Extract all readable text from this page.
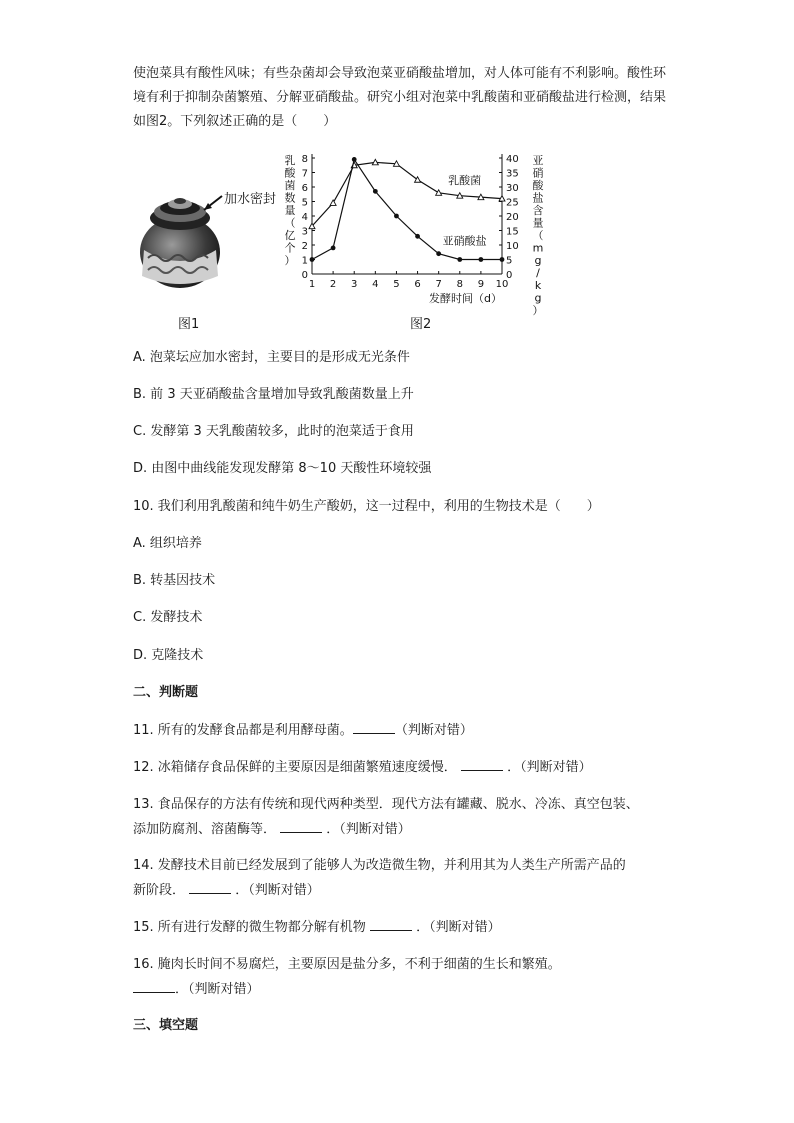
使泡菜具有酸性风味；有些杂菌却会导致泡菜亚硝酸盐增加，对人体可能有不利影响。酸性环境有利于抑制杂菌繁殖、分解亚硝酸盐。研究小组对泡菜中乳酸菌和亚硝酸盐进行检测，结果如图2。下列叙述正确的是（　　）
加水密封
图1
0
1
2
3
4
5
6
7
8
0
5
10
15
20
25
30
35
40
1 2 3 4 5 6 7 8 9 10
乳酸菌
亚硝酸盐
乳酸菌数量（亿个）
亚硝酸盐含量（ m g / k g ）
发酵时间（d）
图2
A. 泡菜坛应加水密封，主要目的是形成无光条件
B. 前 3 天亚硝酸盐含量增加导致乳酸菌数量上升
C. 发酵第 3 天乳酸菌较多，此时的泡菜适于食用
D. 由图中曲线能发现发酵第 8～10 天酸性环境较强
10. 我们利用乳酸菌和纯牛奶生产酸奶，这一过程中，利用的生物技术是（　　）
A. 组织培养
B. 转基因技术
C. 发酵技术
D. 克隆技术
二、判断题
11. 所有的发酵食品都是利用酵母菌。	（判断对错）
12. 冰箱储存食品保鲜的主要原因是细菌繁殖速度缓慢．	．（判断对错）
13. 食品保存的方法有传统和现代两种类型．现代方法有罐藏、脱水、冷冻、真空包装、
添加防腐剂、溶菌酶等．	．（判断对错）
14. 发酵技术目前已经发展到了能够人为改造微生物，并利用其为人类生产所需产品的
新阶段．	．（判断对错）
15. 所有进行发酵的微生物都分解有机物	．（判断对错）
16. 腌肉长时间不易腐烂，主要原因是盐分多，不利于细菌的生长和繁殖。
．（判断对错）
三、填空题
